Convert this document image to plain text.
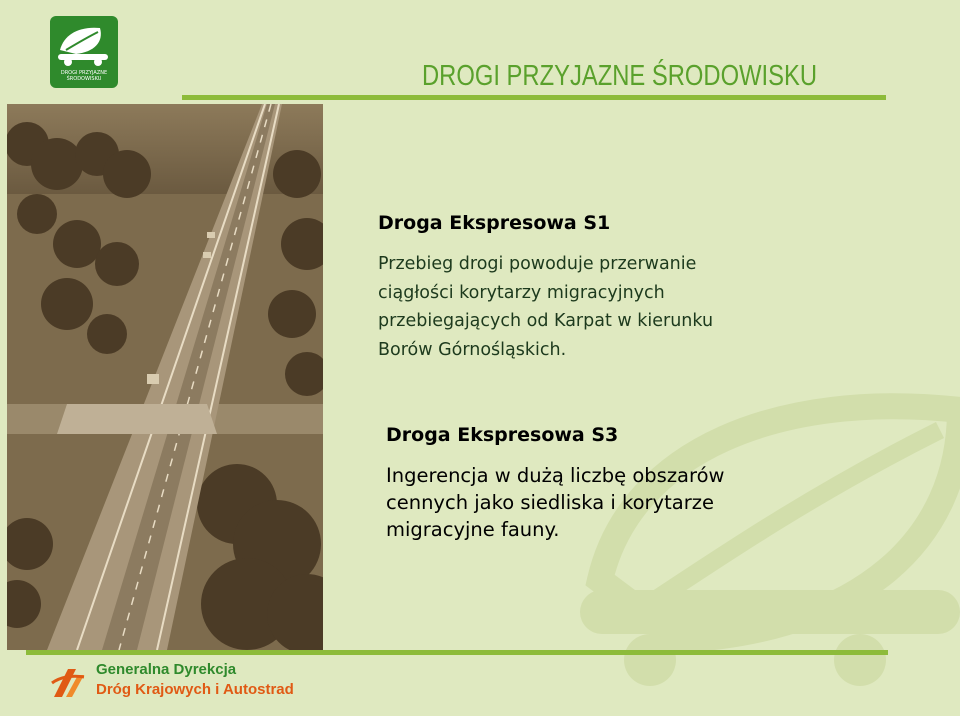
DROGI PRZYJAZNE ŚRODOWISKU	DROGI PRZYJAZNE ŚRODOWISKU
Droga Ekspresowa S1
Przebieg drogi powoduje przerwanie
ciągłości korytarzy migracyjnych
przebiegających od Karpat w kierunku
Borów Górnośląskich.
Droga Ekspresowa S3
Ingerencja w dużą liczbę obszarów
cennych jako siedliska i korytarze
migracyjne fauny.
Generalna Dyrekcja
Dróg Krajowych i Autostrad
